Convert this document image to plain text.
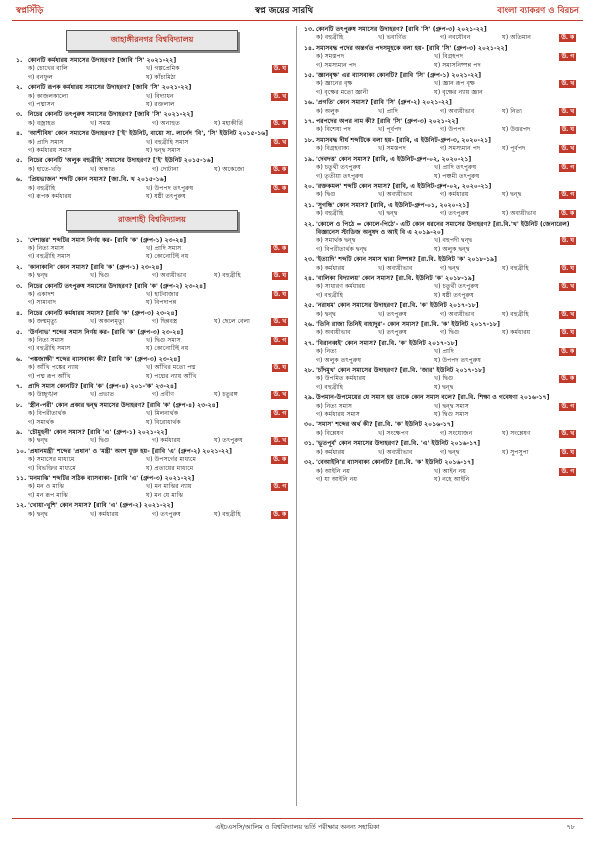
স্বপ্নসিঁড়ি	স্বপ্ন জয়ের সারথি	বাংলা ব্যাকরণ ও বিরচন
জাহাঙ্গীরনগর বিশ্ববিদ্যালয়
১. কোনটি কর্মধারয় সমাসের উদাহরণ? [জাবি 'সি' ২০২১-২২]
ক) চোখের বালি	খ) গল্পপ্রেমিক
গ) বনফুল	ঘ) কাঁচামিঠা
উ. ঘ
২. কোনটি রূপক কর্মধারয় সমাসের উদাহরণ? [জাবি 'সি' ২০২১-২২]
ক) কাজলকালো	খ) বিদ্যাধন
গ) পদ্মাসন	ঘ) রক্তলাল
উ. খ
৩. নিচের কোনটি তৎপুরুষ সমাসের উদাহরণ? [জাবি 'সি' ২০২১-২২]
ক) বজ্রাহত	খ) সমস্ত	গ) অনাহুত	ঘ) মহাকীর্তি	উ. ক
৪. 'আশীবিষ' কোন সমাসের উদাহরণ? ['ই' ইউনিট, বায়ো সা. লার্নেদ 'বি', 'সি' ইউনিট ২০১৫-১৬]
ক) প্রাদি সমাস	খ) বহুব্রীহি সমাস
গ) কর্মধারয় সমাস	ঘ) দ্বন্দ্ব সমাস
উ. খ
৫. নিচের কোনটি 'অলুক বহুব্রীহি' সমাসের উদাহরণ? ['ই' ইউনিট ২০১৫-১৬]
ক) হাতে-খড়ি	খ) অন্ধাত	গ) দোটানা	ঘ) অকেজো	উ. ক
৬. 'প্রিয়ভাজন' শব্দটি কোন সমাস? [জা.বি. খ ২০১৫-১৬]
ক) বহুব্রীহি	খ) উপপদ তৎপুরুষ
গ) রূপক কর্মধারয়	ঘ) ষষ্ঠী তৎপুরুষ
উ. ক
রাজশাহী বিশ্ববিদ্যালয়
১. 'দেশান্তর' শব্দটির সমাস নির্ণয় কর- [রাবি 'ক' (গ্রুপ-১) ২৩-২৪]
ক) নিত্য সমাস	খ) প্রাদি সমাস
গ) বহুব্রীহি সমাস	ঘ) কোনোটিই নয়
উ. ক
২. 'কানাকানি' কোন সমাস? [রাবি 'ক' (গ্রুপ-১) ২৩-২৪]
ক) দ্বন্দ্ব	খ) দ্বিগু	গ) অব্যয়ীভাব	ঘ) বহুব্রীহি	উ. ঘ
৩. নিচের কোনটি তৎপুরুষ সমাসের উদাহরণ? [রাবি 'ক' (গ্রুপ-২) ২৩-২৪]
ক) একাদশ	খ) হাটবাজার
গ) সাম্যবাদ	ঘ) বিপদাপন্ন
উ. ঘ
৪. নিচের কোনটি কর্মধারয় সমাস? [রাবি 'ক' (গ্রুপ-৩) ২৩-২৪]
ক) জন্মমৃত্যু	খ) অকালমৃত্যু	গ) ছিন্নবস্ত্র	ঘ) ছেলে বেলা	উ. খ
৫. 'উর্ণনাভ' শব্দের সমাস নির্ণয় কর- [রাবি 'ক' (গ্রুপ-৩) ২৩-২৪]
ক) নিত্য সমাস	খ) দ্বিগু সমাস
গ) বহুব্রীহি সমাস	ঘ) কোনোটিই নয়
উ. গ
৬. 'পঙ্কজাক্ষী' শব্দের ব্যাসবাক্য কী? [রাবি 'ক' (গ্রুপ-৩) ২৩-২৪]
ক) আঁখি পঙ্কের ন্যায়	খ) আঁখির মতো পদ্ম
গ) পদ্ম রূপ আঁখি	ঘ) পদ্মের ন্যায় আঁখি
উ. ঘ
৭. প্রাদি সমাস কোনটি? [রাবি 'ক' (গ্রুপ-৪) ২০১-'ক' ২৩-২৪]
ক) উচ্ছৃঙ্খল	খ) প্রভাত	গ) প্রবীণ	ঘ) চতুরঙ্গ	উ. খ
৮. 'স্ত্রীন-পরী' কোন প্রকার দ্বন্দ্ব সমাসের উদাহরণ? [রাবি 'ক' (গ্রুপ-৪) ২৩-২৪]
ক) বিপরীতার্থক	খ) মিলনার্থক
গ) সমার্থক	ঘ) বিরোধার্থক
উ. গ
৯. 'চৌমুহনী' কোন সমাস? [রাবি 'এ' (গ্রুপ-১) ২০২১-২২]
ক) দ্বন্দ্ব	খ) দ্বিগু	গ) কর্মধারয়	ঘ) তৎপুরুষ	উ. খ
১০. 'প্রধানমন্ত্রী' শব্দের 'প্রধান' ও 'মন্ত্রী' অংশ যুক্ত হয়- [রাবি 'এ' (গ্রুপ-২) ২০২১-২২]
ক) সমাসের মাধ্যমে	খ) উপসর্গের মাধ্যমে
গ) বিভক্তির মাধ্যমে	ঘ) প্রত্যয়ের মাধ্যমে
উ. ক
১১. 'মনমাঝি' শব্দটির সঠিক ব্যাসবাক্য- [রাবি 'এ' (গ্রুপ-৩) ২০২১-২২]
ক) মন ও মাঝি	খ) মন মাঝির ন্যায়
গ) মন রূপ মাঝি	ঘ) মন যে মাঝি
উ. গ
১২. 'খোয়া-খুশি' কোন সমাস? [রাবি 'এ' (গ্রুপ-২) ২০২১-২২]
ক) দ্বন্দ্ব	খ) কর্মধারয়	গ) তৎপুরুষ	ঘ) বহুব্রীহি	উ. ক
১৩. কোনটি তৎপুরুষ সমাসের উদাহরণ? [রাবি 'সি' (গ্রুপ-৩) ২০২১-২২]
ক) বহুব্রীহি	খ) ভবার্ণিত	গ) নবযৌবন	ঘ) অতিমান	উ. ক
১৪. সমাসবদ্ধ পদের অন্তর্গত পদসমূহকে বলা হয়- [রাবি 'সি' (গ্রুপ-৩) ২০২১-২২]
ক) সমস্তপদ	খ) বিগ্রহপদ
গ) সমস্যমান পদ	ঘ) সমাসনিষ্পন্ন পদ
উ. গ
১৫. 'জ্ঞানবৃক্ষ' এর ব্যাসবাক্য কোনটি? [রাবি 'সি' (গ্রুপ-১) ২০২১-২২]
ক) জ্ঞানের বৃক্ষ	খ) জ্ঞান রূপ বৃক্ষ
গ) বৃক্ষের মতো জ্ঞানী	ঘ) বৃক্ষের ন্যায় জ্ঞান
উ. খ
১৬. 'প্রগতি' কোন সমাস? [রাবি 'সি' (গ্রুপ-২) ২০২১-২২]
ক) অলুক	খ) প্রাদি	গ) অব্যয়ীভাব	ঘ) নিত্য	উ. খ
১৭. পরপদের অপর নাম কী? [রাবি 'সি' (গ্রুপ-৩) ২০২১-২২]
ক) বিশেষ্য পদ	খ) পূর্বপদ	গ) উপপদ	ঘ) উত্তরপদ	উ. ঘ
১৮. সমাসবদ্ধ দীর্ঘ শব্দটিকে বলা হয়- [রাবি, এ ইউনিট-গ্রুপ-৩, ২০২০-২১]
ক) বিগ্রহবাক্য	খ) সমস্তপদ	গ) সমস্যমান পদ	ঘ) পূর্বপদ	উ. খ
১৯. 'দেবদত্ত' কোন সমাস? [রাবি, এ ইউনিট-গ্রুপ-০২, ২০২০-২১]
ক) চতুর্থী তৎপুরুষ	খ) প্রাদি তৎপুরুষ
গ) তৃতীয়া তৎপুরুষ	ঘ) পঞ্চমী তৎপুরুষ
উ. গ
২০. 'রক্তকমল' শব্দটি কোন সমাস? [রাবি, এ ইউনিট-গ্রুপ-০২, ২০২০-২১]
ক) দ্বিগু	খ) অব্যয়ীভাব	গ) কর্মধারয়	ঘ) দ্বন্দ্ব	উ. গ
২১. 'সুগন্ধি' কোন সমাস? [রাবি, এ ইউনিট-গ্রুপ-০১, ২০২০-২১]
ক) বহুব্রীহি	খ) দ্বন্দ্ব	গ) তৎপুরুষ	ঘ) অব্যয়ীভাব	উ. ক
২২. 'কোলে ও পিঠে = কোলে-পিঠে'- এটি কোন ধরনের সমাসের উদাহরণ? [রা.বি.'খ' ইউনিট (জেনারেল) বিজ্ঞানেস স্টাডিজ অনুষদ ও আই বি এ ২০১৯-২০]
ক) সমার্থক দ্বন্দ্ব	খ) বহুপদী দ্বন্দ্ব
গ) বিপরীতার্থক দ্বন্দ্ব	ঘ) অলুক দ্বন্দ্ব
উ. ঘ
২৩. 'ইত্যাদি' শব্দটি কোন সমাস দ্বারা নিষ্পন্ন? [রা.বি. ইউনিট 'ক' ২০১৮-১৯]
ক) কর্মধারয়	খ) অব্যয়ীভাব	গ) দ্বন্দ্ব	ঘ) বহুব্রীহি	উ. ঘ
২৪. 'বালিকা বিদ্যালয়' কোন সমাস? [রা.বি. ইউনিট 'ক' ২০১৮-১৯]
ক) সাধারণ কর্মধারয়	খ) চতুর্থী তৎপুরুষ
গ) বহুব্রীহি	ঘ) ষষ্ঠী তৎপুরুষ
উ. খ
২৫. 'নরাধম' কোন সমাসের উদাহরণ? [রা.বি. 'ক' ইউনিট ২০১৭-১৮]
ক) দ্বন্দ্ব	খ) তৎপুরুষ	গ) অব্যয়ীভাব	ঘ) বহুব্রীহি	উ. খ
২৬. 'তিনি রাজা তিনিই বাহাদুর'- কোন সমাস? [রা.বি. 'ক' ইউনিট ২০১৭-১৮]
ক) অব্যয়ীভাব	খ) তৎপুরুষ	গ) দ্বিগু	ঘ) কর্মধারয়	উ. ঘ
২৭. 'বিরানব্বই' কোন সমাস? [রা.বি. 'ক' ইউনিট ২০১৭-১৮]
ক) নিত্য	খ) প্রাদি
গ) অলুক তৎপুরুষ	ঘ) উপপদ তৎপুরুষ
উ. ক
২৮. 'চাঁদমুখ' কোন সমাসের উদাহরণ? [রা.বি. 'জার' ইউনিট ২০১৭-১৮]
ক) উপমিত কর্মধারয়	খ) দ্বিগু
গ) বহুব্রীহি	ঘ) দ্বন্দ্ব
উ. ক
২৯. উপমান-উপমেয়ের যে সমাস হয় তাকে কোন সমাস বলে? [রা.বি. শিক্ষা ও গবেষণা ২০১৬-১৭]
ক) নিত্য সমাস	খ) দ্বন্দ্ব সমাস
গ) কর্মধারয় সমাস	ঘ) দ্বিগু সমাস
উ. গ
৩০. 'সমাস' শব্দের অর্থ কী? [রা.বি. 'ক' ইউনিট ২০১৬-১৭]
ক) বিশ্লেষণ	খ) সংক্ষেপণ	গ) সংযোজন	ঘ) সংশ্লেষণ	উ. খ
৩১. 'ভূতপূর্ব' কোন সমাসের উদাহরণ? [রা.বি. 'এ' ইউনিট ২০১৬-১৭]
ক) কর্মধারয়	খ) অব্যয়ীভাব	গ) দ্বন্দ্ব	ঘ) সুপসুপা	উ. ঘ
৩২. 'বেআইনি'র ব্যাসবাক্য কোনটি? [রা.বি. 'ক' ইউনিট ২০১৬-১৭]
ক) আইনি নয়	খ) আইন নয়
গ) যা আইনি নয়	ঘ) নহে আইনি
উ. গ
এইচএসসি/আলিম ও বিশ্ববিদ্যালয় ভর্তি পরীক্ষার অনন্য সহায়িকা	৭৮
